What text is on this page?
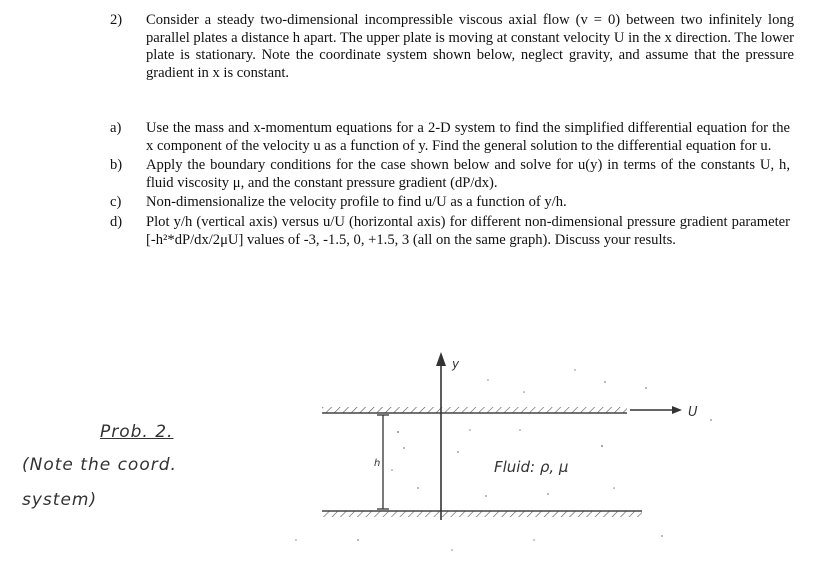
2) Consider a steady two-dimensional incompressible viscous axial flow (v = 0) between two infinitely long parallel plates a distance h apart. The upper plate is moving at constant velocity U in the x direction. The lower plate is stationary. Note the coordinate system shown below, neglect gravity, and assume that the pressure gradient in x is constant.
a)	Use the mass and x-momentum equations for a 2-D system to find the simplified differential equation for the x component of the velocity u as a function of y. Find the general solution to the differential equation for u.
b)	Apply the boundary conditions for the case shown below and solve for u(y) in terms of the constants U, h, fluid viscosity μ, and the constant pressure gradient (dP/dx).
c)	Non-dimensionalize the velocity profile to find u/U as a function of y/h.
d)	Plot y/h (vertical axis) versus u/U (horizontal axis) for different non-dimensional pressure gradient parameter [-h²*dP/dx/2μU] values of -3, -1.5, 0, +1.5, 3 (all on the same graph). Discuss your results.
Prob. 2.
(Note the coord.
system)
y
U
h	Fluid: ρ, μ
